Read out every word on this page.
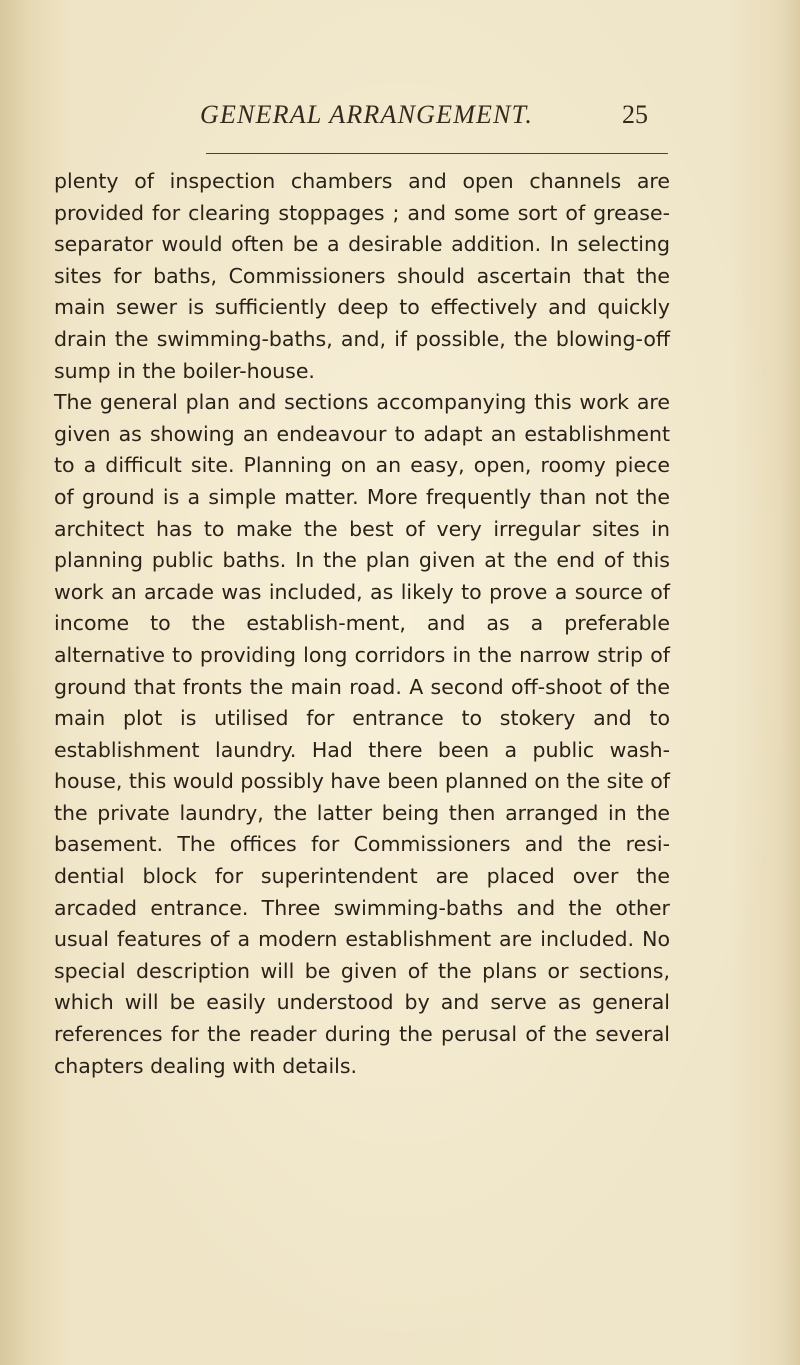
GENERAL ARRANGEMENT.	25

plenty of inspection chambers and open channels are provided for clearing stoppages ; and some sort of grease-separator would often be a desirable addition. In selecting sites for baths, Commissioners should ascertain that the main sewer is sufficiently deep to effectively and quickly drain the swimming-baths, and, if possible, the blowing-off sump in the boiler-house.

The general plan and sections accompanying this work are given as showing an endeavour to adapt an establishment to a difficult site. Planning on an easy, open, roomy piece of ground is a simple matter. More frequently than not the architect has to make the best of very irregular sites in planning public baths. In the plan given at the end of this work an arcade was included, as likely to prove a source of income to the establish-ment, and as a preferable alternative to providing long corridors in the narrow strip of ground that fronts the main road. A second off-shoot of the main plot is utilised for entrance to stokery and to establishment laundry. Had there been a public wash-house, this would possibly have been planned on the site of the private laundry, the latter being then arranged in the basement. The offices for Commissioners and the resi-dential block for superintendent are placed over the arcaded entrance. Three swimming-baths and the other usual features of a modern establishment are included. No special description will be given of the plans or sections, which will be easily understood by and serve as general references for the reader during the perusal of the several chapters dealing with details.
